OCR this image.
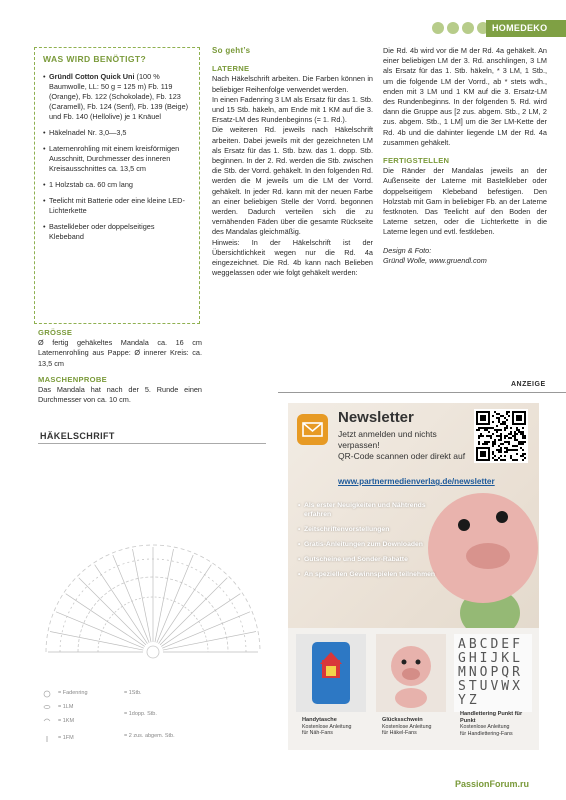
HOMEDEKO
WAS WIRD BENÖTIGT?
• Gründl Cotton Quick Uni (100 % Baumwolle, LL: 50 g = 125 m) Fb. 119 (Orange), Fb. 122 (Schokolade), Fb. 123 (Caramell), Fb. 124 (Senf), Fb. 139 (Beige) und Fb. 140 (Hellolive) je 1 Knäuel
• Häkelnadel Nr. 3,0—3,5
• Laternenrohling mit einem kreisförmigen Ausschnitt, Durchmesser des inneren Kreisausschnittes ca. 13,5 cm
• 1 Holzstab ca. 60 cm lang
• Teelicht mit Batterie oder eine kleine LED-Lichterkette
• Bastelkleber oder doppelseitiges Klebeband

GRÖSSE

Ø fertig gehäkeltes Mandala ca. 16 cm Laternenrohling aus Pappe: Ø innerer Kreis: ca. 13,5 cm

MASCHENPROBE

Das Mandala hat nach der 5. Runde einen Durchmesser von ca. 10 cm.

So geht’s

LATERNE

Nach Häkelschrift arbeiten. Die Farben können in beliebiger Reihenfolge verwendet werden.

In einen Fadenring 3 LM als Ersatz für das 1. Stb. und 15 Stb. häkeln, am Ende mit 1 KM auf die 3. Ersatz-LM des Rundenbeginns (= 1. Rd.).

Die weiteren Rd. jeweils nach Häkelschrift arbeiten. Dabei jeweils mit der gezeichneten LM als Ersatz für das 1. Stb. bzw. das 1. dopp. Stb. beginnen. In der 2. Rd. werden die Stb. zwischen die Stb. der Vorrd. gehäkelt. In den folgenden Rd. werden die M jeweils um die LM der Vorrd. gehäkelt. In jeder Rd. kann mit der neuen Farbe an einer beliebigen Stelle der Vorrd. begonnen werden. Dadurch verteilen sich die zu vernähenden Fäden über die gesamte Rückseite des Mandalas gleichmäßig.

Hinweis: In der Häkelschrift ist der Übersichtlichkeit wegen nur die Rd. 4a eingezeichnet. Die Rd. 4b kann nach Belieben weggelassen oder wie folgt gehäkelt werden:

Die Rd. 4b wird vor die M der Rd. 4a gehäkelt. An einer beliebigen LM der 3. Rd. anschlingen, 3 LM als Ersatz für das 1. Stb. häkeln, * 3 LM, 1 Stb., um die folgende LM der Vorrd., ab * stets wdh., enden mit 3 LM und 1 KM auf die 3. Ersatz-LM des Rundenbeginns. In der folgenden 5. Rd. wird dann die Gruppe aus [2 zus. abgem. Stb., 2 LM, 2 zus. abgem. Stb., 1 LM] um die 3er LM-Kette der Rd. 4b und die dahinter liegende LM der Rd. 4a zusammen gehäkelt.

FERTIGSTELLEN

Die Ränder der Mandalas jeweils an der Außenseite der Laterne mit Bastelkleber oder doppelseitigem Klebeband befestigen. Den Holzstab mit Garn in beliebiger Fb. an der Laterne festknoten. Das Teelicht auf den Boden der Laterne setzen, oder die Lichterkette in die Laterne legen und evtl. festkleben.

Design & Foto:

Gründl Wolle, www.gruendl.com

ANZEIGE
HÄKELSCHRIFT
= Fadenring
= 1LM
= 1KM
= 1FM
= 1Stb.
= 1dopp. Stb.
= 2 zus. abgem. Stb.
Newsletter
Jetzt anmelden und nichts verpassen!
QR-Code scannen oder direkt auf
www.partnermedienverlag.de/newsletter
• Als erster Neuigkeiten und Nähtrends erfahren
• Zeitschriftenvorstellungen
• Gratis-Anleitungen zum Downloaden
• Gutscheine und Sonder-Rabatte
• An speziellen Gewinnspielen teilnehmen
ABCDEFGHIJKLMNOPQRSTUVWXYZ
Handytasche
Kostenlose Anleitung
für Näh-Fans
Glücksschwein
Kostenlose Anleitung
für Häkel-Fans
Handlettering Punkt für Punkt
Kostenlose Anleitung
für Handlettering-Fans
PassionForum.ru
